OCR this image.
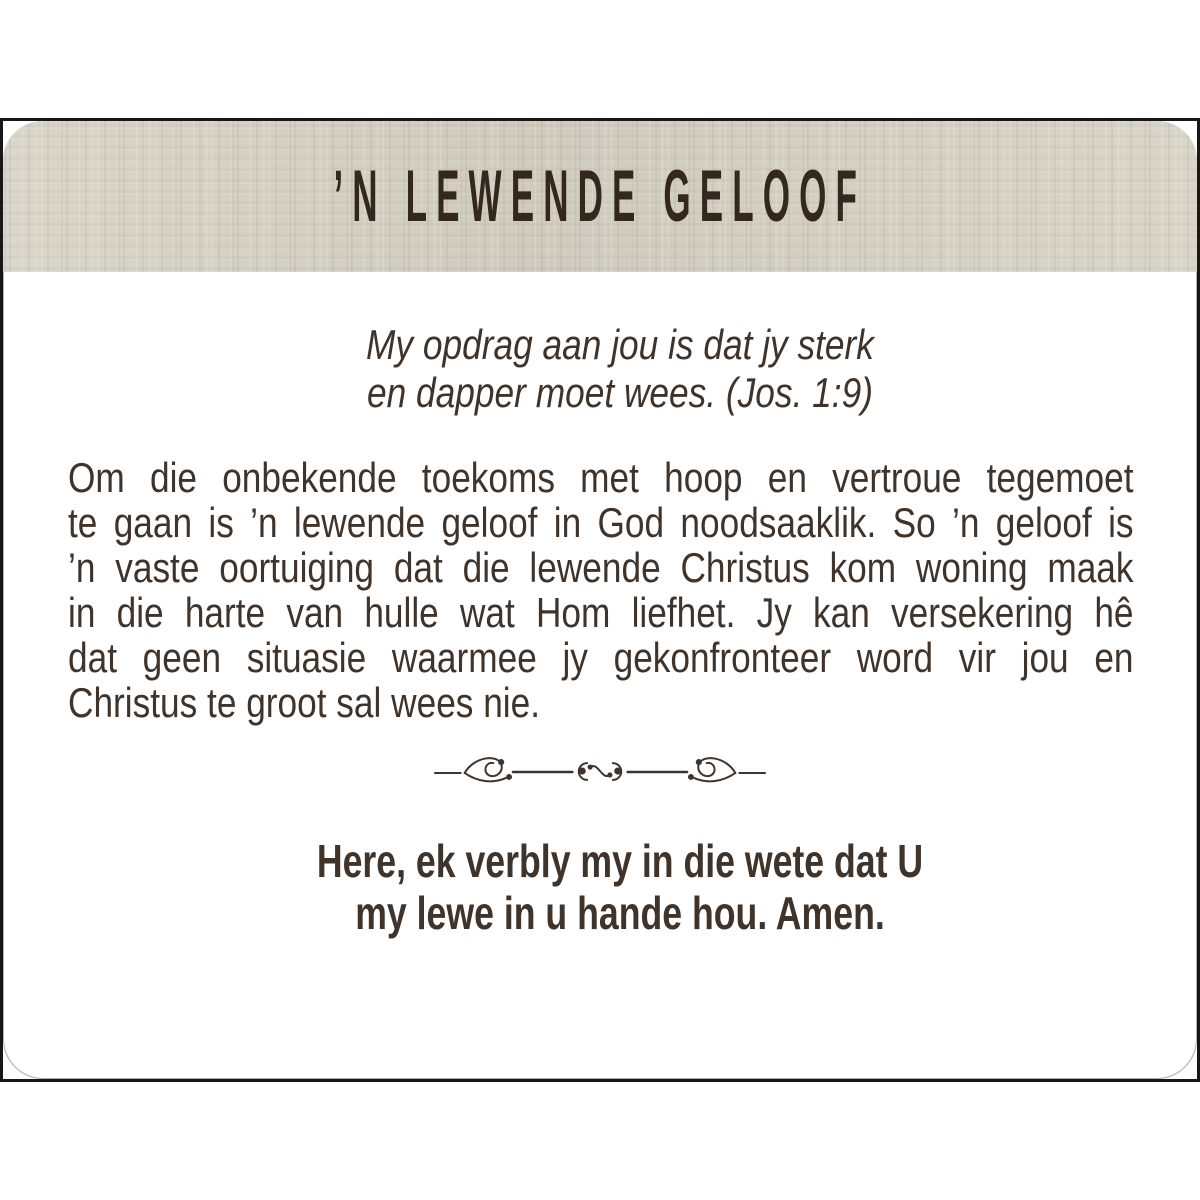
’N LEWENDE GELOOF
My opdrag aan jou is dat jy sterk
en dapper moet wees. (Jos. 1:9)
Om die onbekende toekoms met hoop en vertroue tegemoet
te gaan is ’n lewende geloof in God noodsaaklik. So ’n geloof is
’n vaste oortuiging dat die lewende Christus kom woning maak
in die harte van hulle wat Hom liefhet. Jy kan versekering hê
dat geen situasie waarmee jy gekonfronteer word vir jou en
Christus te groot sal wees nie.
Here, ek verbly my in die wete dat U
my lewe in u hande hou. Amen.
